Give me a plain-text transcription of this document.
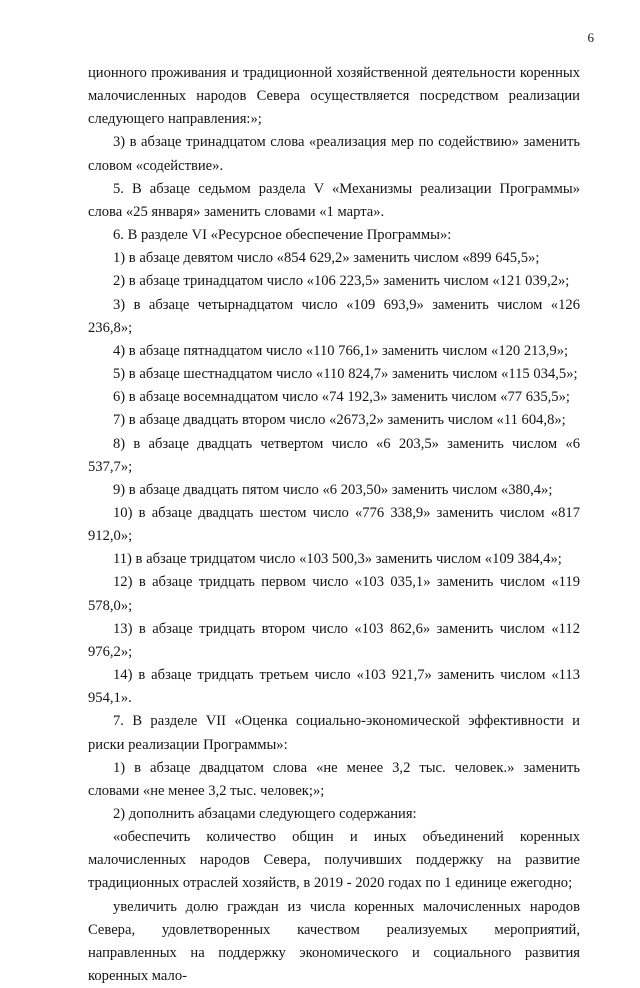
6

ционного проживания и традиционной хозяйственной деятельности коренных малочисленных народов Севера осуществляется посредством реализации следующего направления:»;

3) в абзаце тринадцатом слова «реализация мер по содействию» заменить словом «содействие».

5. В абзаце седьмом раздела V «Механизмы реализации Программы» слова «25 января» заменить словами «1 марта».

6. В разделе VI «Ресурсное обеспечение Программы»:

1) в абзаце девятом число «854 629,2» заменить числом «899 645,5»;

2) в абзаце тринадцатом число «106 223,5» заменить числом «121 039,2»;

3) в абзаце четырнадцатом число «109 693,9» заменить числом «126 236,8»;

4) в абзаце пятнадцатом число «110 766,1» заменить числом «120 213,9»;

5) в абзаце шестнадцатом число «110 824,7» заменить числом «115 034,5»;

6) в абзаце восемнадцатом число «74 192,3» заменить числом «77 635,5»;

7) в абзаце двадцать втором число «2673,2» заменить числом «11 604,8»;

8) в абзаце двадцать четвертом число «6 203,5» заменить числом «6 537,7»;

9) в абзаце двадцать пятом число «6 203,50» заменить числом «380,4»;

10) в абзаце двадцать шестом число «776 338,9» заменить числом «817 912,0»;

11) в абзаце тридцатом число «103 500,3» заменить числом «109 384,4»;

12) в абзаце тридцать первом число «103 035,1» заменить числом «119 578,0»;

13) в абзаце тридцать втором число «103 862,6» заменить числом «112 976,2»;

14) в абзаце тридцать третьем число «103 921,7» заменить числом «113 954,1».

7. В разделе VII «Оценка социально-экономической эффективности и риски реализации Программы»:

1) в абзаце двадцатом слова «не менее 3,2 тыс. человек.» заменить словами «не менее 3,2 тыс. человек;»;

2) дополнить абзацами следующего содержания:

«обеспечить количество общин и иных объединений коренных малочисленных народов Севера, получивших поддержку на развитие традиционных отраслей хозяйств, в 2019 - 2020 годах по 1 единице ежегодно;

увеличить долю граждан из числа коренных малочисленных народов Севера, удовлетворенных качеством реализуемых мероприятий, направленных на поддержку экономического и социального развития коренных мало-
